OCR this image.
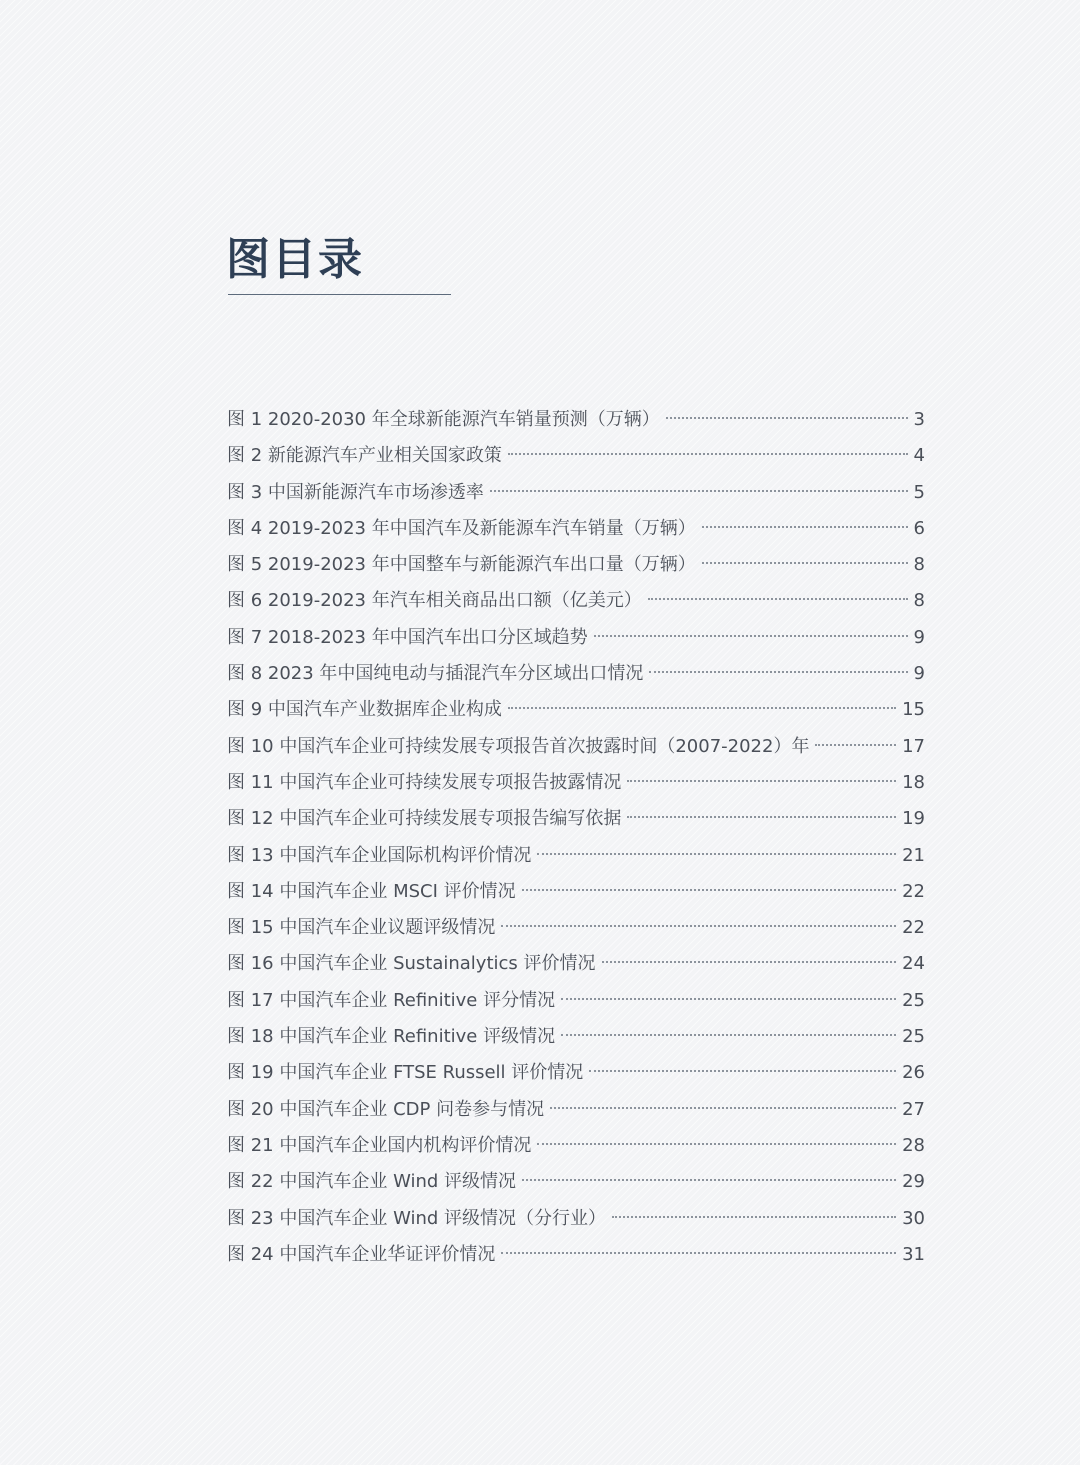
图目录
图 1 2020-2030 年全球新能源汽车销量预测（万辆）	3
图 2 新能源汽车产业相关国家政策	4
图 3 中国新能源汽车市场渗透率	5
图 4 2019-2023 年中国汽车及新能源车汽车销量（万辆）	6
图 5 2019-2023 年中国整车与新能源汽车出口量（万辆）	8
图 6 2019-2023 年汽车相关商品出口额（亿美元）	8
图 7 2018-2023 年中国汽车出口分区域趋势	9
图 8 2023 年中国纯电动与插混汽车分区域出口情况	9
图 9 中国汽车产业数据库企业构成	15
图 10 中国汽车企业可持续发展专项报告首次披露时间（2007-2022）年	17
图 11 中国汽车企业可持续发展专项报告披露情况	18
图 12 中国汽车企业可持续发展专项报告编写依据	19
图 13 中国汽车企业国际机构评价情况	21
图 14 中国汽车企业 MSCI 评价情况	22
图 15 中国汽车企业议题评级情况	22
图 16 中国汽车企业 Sustainalytics 评价情况	24
图 17 中国汽车企业 Refinitive 评分情况	25
图 18 中国汽车企业 Refinitive 评级情况	25
图 19 中国汽车企业 FTSE Russell 评价情况	26
图 20 中国汽车企业 CDP 问卷参与情况	27
图 21 中国汽车企业国内机构评价情况	28
图 22 中国汽车企业 Wind 评级情况	29
图 23 中国汽车企业 Wind 评级情况（分行业）	30
图 24 中国汽车企业华证评价情况	31
